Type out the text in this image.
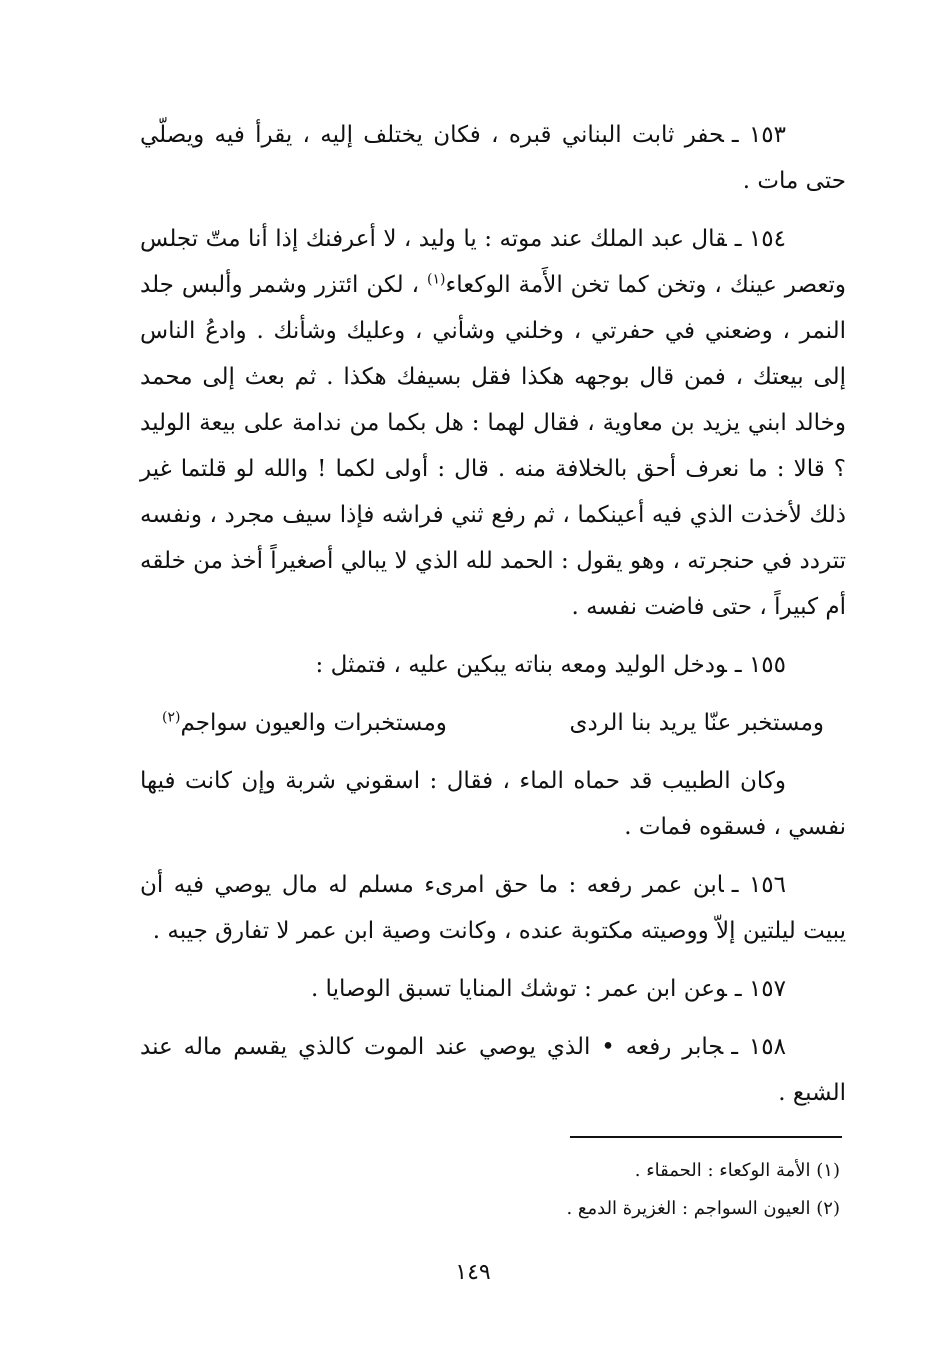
١٥٣ ـحفر ثابت البناني قبره ، فكان يختلف إليه ، يقرأ فيه ويصلّي حتى مات .

١٥٤ ـقال عبد الملك عند موته : يا وليد ، لا أعرفنك إذا أنا متّ تجلس وتعصر عينك ، وتخن كما تخن الأَمة الوكعاء$^{(١)}$ ، لكن ائتزر وشمر وألبس جلد النمر ، وضعني في حفرتي ، وخلني وشأني ، وعليك وشأنك . وادعُ الناس إلى بيعتك ، فمن قال بوجهه هكذا فقل بسيفك هكذا . ثم بعث إلى محمد وخالد ابني يزيد بن معاوية ، فقال لهما : هل بكما من ندامة على بيعة الوليد ؟ قالا : ما نعرف أحق بالخلافة منه . قال : أولى لكما ! والله لو قلتما غير ذلك لأخذت الذي فيه أعينكما ، ثم رفع ثني فراشه فإذا سيف مجرد ، ونفسه تتردد في حنجرته ، وهو يقول : الحمد لله الذي لا يبالي أصغيراً أخذ من خلقه أم كبيراً ، حتى فاضت نفسه .

١٥٥ ـودخل الوليد ومعه بناته يبكين عليه ، فتمثل :

ومستخبر عنّا يريد بنا الردى
ومستخبرات والعيون سواجم$^{(٢)}$

وكان الطبيب قد حماه الماء ، فقال : اسقوني شربة وإن كانت فيها نفسي ، فسقوه فمات .

١٥٦ ـابن عمر رفعه : ما حق امرىء مسلم له مال يوصي فيه أن يبيت ليلتين إلاّ ووصيته مكتوبة عنده ، وكانت وصية ابن عمر لا تفارق جيبه .

١٥٧ ـوعن ابن عمر : توشك المنايا تسبق الوصايا .

١٥٨ ـجابر رفعه • الذي يوصي عند الموت كالذي يقسم ماله عند الشبع .

(١) الأمة الوكعاء : الحمقاء .

(٢) العيون السواجم : الغزيرة الدمع .

١٤٩
